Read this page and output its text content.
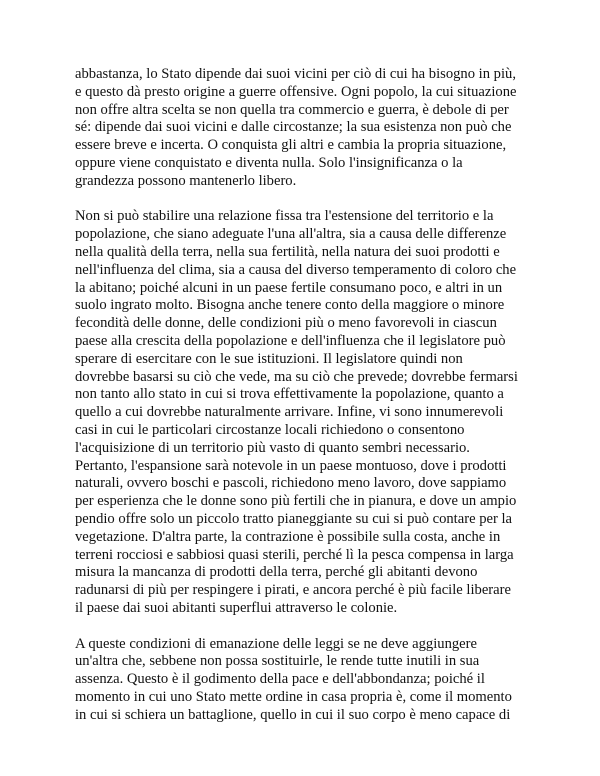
abbastanza, lo Stato dipende dai suoi vicini per ciò di cui ha bisogno in più,
e questo dà presto origine a guerre offensive. Ogni popolo, la cui situazione
non offre altra scelta se non quella tra commercio e guerra, è debole di per
sé: dipende dai suoi vicini e dalle circostanze; la sua esistenza non può che
essere breve e incerta. O conquista gli altri e cambia la propria situazione,
oppure viene conquistato e diventa nulla. Solo l'insignificanza o la
grandezza possono mantenerlo libero.

Non si può stabilire una relazione fissa tra l'estensione del territorio e la
popolazione, che siano adeguate l'una all'altra, sia a causa delle differenze
nella qualità della terra, nella sua fertilità, nella natura dei suoi prodotti e
nell'influenza del clima, sia a causa del diverso temperamento di coloro che
la abitano; poiché alcuni in un paese fertile consumano poco, e altri in un
suolo ingrato molto. Bisogna anche tenere conto della maggiore o minore
fecondità delle donne, delle condizioni più o meno favorevoli in ciascun
paese alla crescita della popolazione e dell'influenza che il legislatore può
sperare di esercitare con le sue istituzioni. Il legislatore quindi non
dovrebbe basarsi su ciò che vede, ma su ciò che prevede; dovrebbe fermarsi
non tanto allo stato in cui si trova effettivamente la popolazione, quanto a
quello a cui dovrebbe naturalmente arrivare. Infine, vi sono innumerevoli
casi in cui le particolari circostanze locali richiedono o consentono
l'acquisizione di un territorio più vasto di quanto sembri necessario.
Pertanto, l'espansione sarà notevole in un paese montuoso, dove i prodotti
naturali, ovvero boschi e pascoli, richiedono meno lavoro, dove sappiamo
per esperienza che le donne sono più fertili che in pianura, e dove un ampio
pendio offre solo un piccolo tratto pianeggiante su cui si può contare per la
vegetazione. D'altra parte, la contrazione è possibile sulla costa, anche in
terreni rocciosi e sabbiosi quasi sterili, perché lì la pesca compensa in larga
misura la mancanza di prodotti della terra, perché gli abitanti devono
radunarsi di più per respingere i pirati, e ancora perché è più facile liberare
il paese dai suoi abitanti superflui attraverso le colonie.

A queste condizioni di emanazione delle leggi se ne deve aggiungere
un'altra che, sebbene non possa sostituirle, le rende tutte inutili in sua
assenza. Questo è il godimento della pace e dell'abbondanza; poiché il
momento in cui uno Stato mette ordine in casa propria è, come il momento
in cui si schiera un battaglione, quello in cui il suo corpo è meno capace di
